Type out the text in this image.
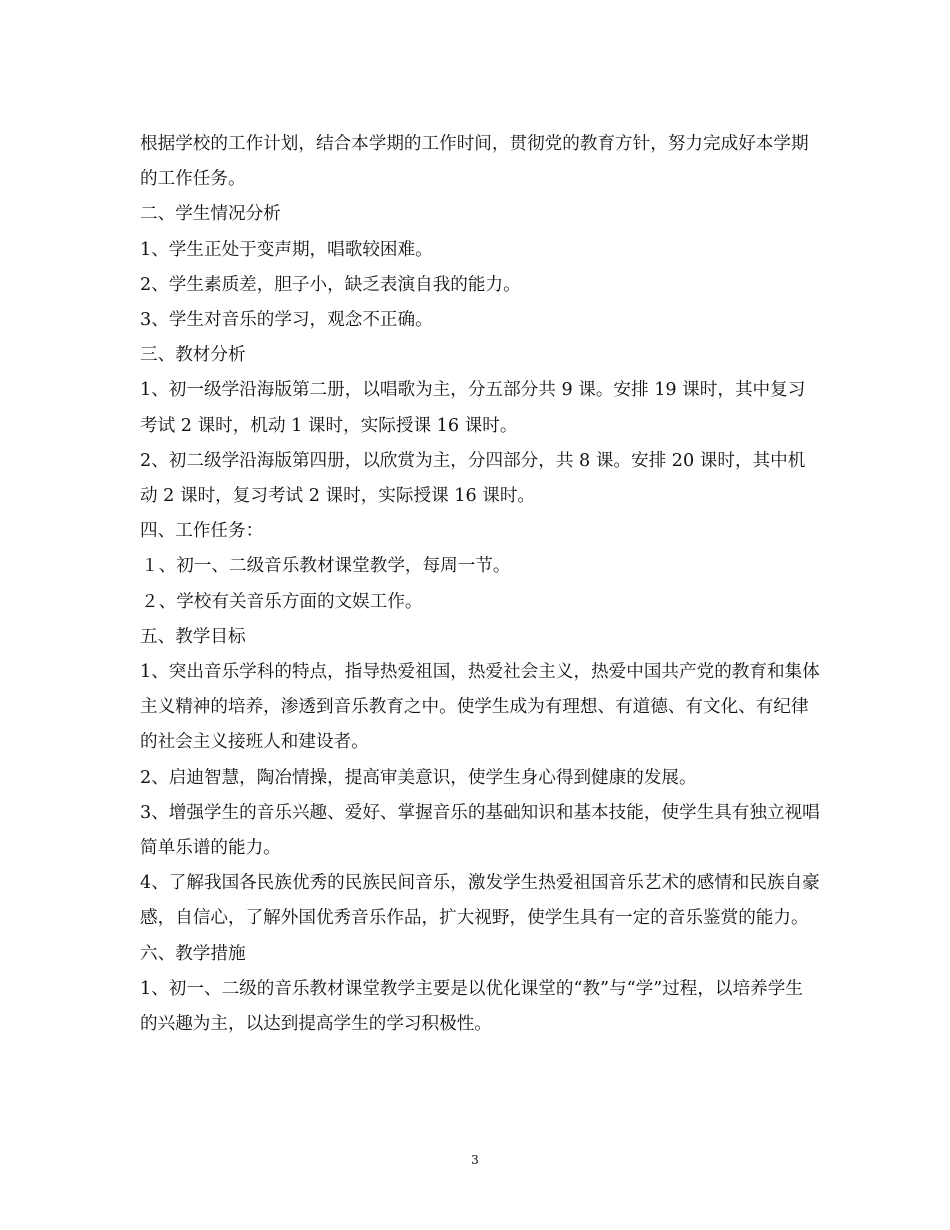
根据学校的工作计划，结合本学期的工作时间，贯彻党的教育方针，努力完成好本学期的工作任务。

二、学生情况分析

1、学生正处于变声期，唱歌较困难。

2、学生素质差，胆子小，缺乏表演自我的能力。

3、学生对音乐的学习，观念不正确。

三、教材分析

1、初一级学沿海版第二册，以唱歌为主，分五部分共 9 课。安排 19 课时，其中复习考试 2 课时，机动 1 课时，实际授课 16 课时。

2、初二级学沿海版第四册，以欣赏为主，分四部分，共 8 课。安排 20 课时，其中机动 2 课时，复习考试 2 课时，实际授课 16 课时。

四、工作任务：

１、初一、二级音乐教材课堂教学，每周一节。

２、学校有关音乐方面的文娱工作。

五、教学目标

1、突出音乐学科的特点，指导热爱祖国，热爱社会主义，热爱中国共产党的教育和集体主义精神的培养，渗透到音乐教育之中。使学生成为有理想、有道德、有文化、有纪律的社会主义接班人和建设者。

2、启迪智慧，陶冶情操，提高审美意识，使学生身心得到健康的发展。

3、增强学生的音乐兴趣、爱好、掌握音乐的基础知识和基本技能，使学生具有独立视唱简单乐谱的能力。

4、了解我国各民族优秀的民族民间音乐，激发学生热爱祖国音乐艺术的感情和民族自豪感，自信心，了解外国优秀音乐作品，扩大视野，使学生具有一定的音乐鉴赏的能力。

六、教学措施

1、初一、二级的音乐教材课堂教学主要是以优化课堂的“教”与“学”过程，以培养学生的兴趣为主，以达到提高学生的学习积极性。

3
